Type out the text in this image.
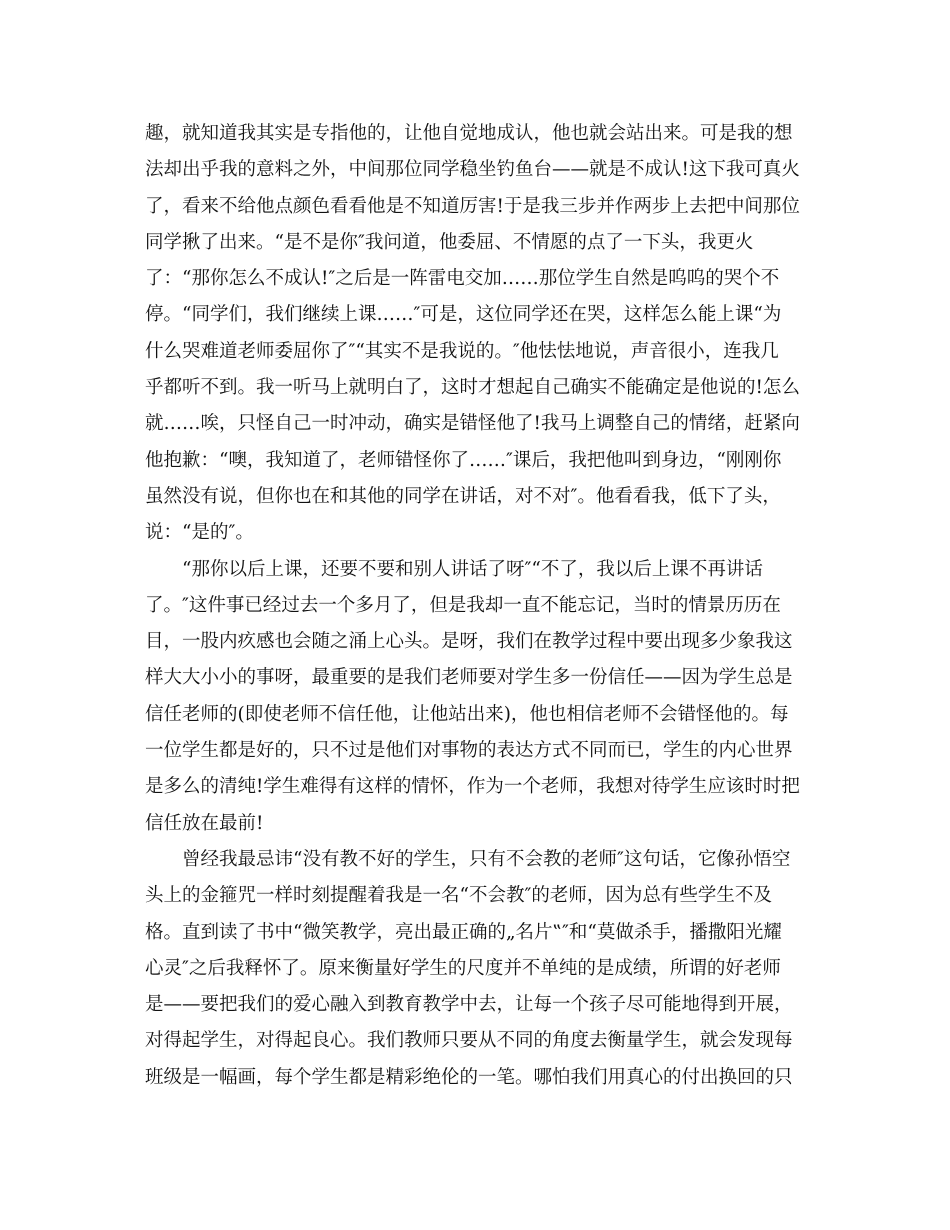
趣，就知道我其实是专指他的，让他自觉地成认，他也就会站出来。可是我的想
法却出乎我的意料之外，中间那位同学稳坐钓鱼台——就是不成认!这下我可真火
了，看来不给他点颜色看看他是不知道厉害!于是我三步并作两步上去把中间那位
同学揪了出来。“是不是你″我问道，他委屈、不情愿的点了一下头，我更火
了：“那你怎么不成认!″之后是一阵雷电交加……那位学生自然是呜呜的哭个不
停。“同学们，我们继续上课……″可是，这位同学还在哭，这样怎么能上课“为
什么哭难道老师委屈你了″“其实不是我说的。″他怯怯地说，声音很小，连我几
乎都听不到。我一听马上就明白了，这时才想起自己确实不能确定是他说的!怎么
就……唉，只怪自己一时冲动，确实是错怪他了!我马上调整自己的情绪，赶紧向
他抱歉：“噢，我知道了，老师错怪你了……″课后，我把他叫到身边，“刚刚你
虽然没有说，但你也在和其他的同学在讲话，对不对″。他看看我，低下了头，
说：“是的″。
“那你以后上课，还要不要和别人讲话了呀″“不了，我以后上课不再讲话
了。″这件事已经过去一个多月了，但是我却一直不能忘记，当时的情景历历在
目，一股内疚感也会随之涌上心头。是呀，我们在教学过程中要出现多少象我这
样大大小小的事呀，最重要的是我们老师要对学生多一份信任——因为学生总是
信任老师的(即使老师不信任他，让他站出来)，他也相信老师不会错怪他的。每
一位学生都是好的，只不过是他们对事物的表达方式不同而已，学生的内心世界
是多么的清纯!学生难得有这样的情怀，作为一个老师，我想对待学生应该时时把
信任放在最前!
曾经我最忌讳“没有教不好的学生，只有不会教的老师″这句话，它像孙悟空
头上的金箍咒一样时刻提醒着我是一名“不会教″的老师，因为总有些学生不及
格。直到读了书中“微笑教学，亮出最正确的„名片‟″和“莫做杀手，播撒阳光耀
心灵″之后我释怀了。原来衡量好学生的尺度并不单纯的是成绩，所谓的好老师
是——要把我们的爱心融入到教育教学中去，让每一个孩子尽可能地得到开展，
对得起学生，对得起良心。我们教师只要从不同的角度去衡量学生，就会发现每
班级是一幅画，每个学生都是精彩绝伦的一笔。哪怕我们用真心的付出换回的只
